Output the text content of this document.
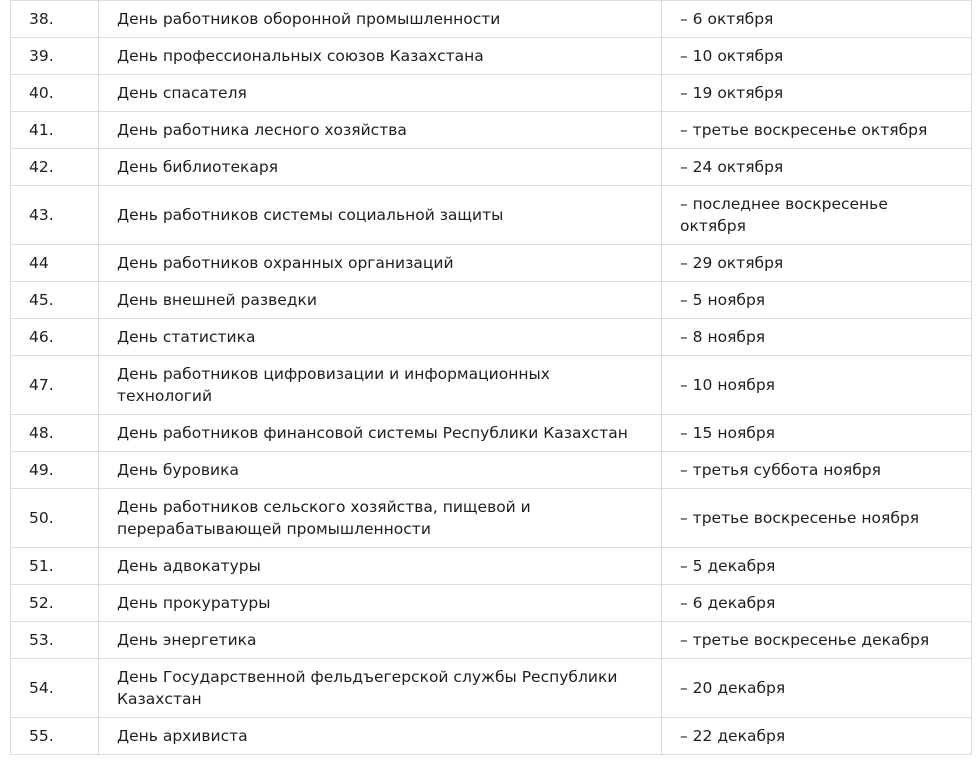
38.	День работников оборонной промышленности	– 6 октября
39.	День профессиональных союзов Казахстана	– 10 октября
40.	День спасателя	– 19 октября
41.	День работника лесного хозяйства	– третье воскресенье октября
42.	День библиотекаря	– 24 октября
43.	День работников системы социальной защиты	– последнее воскресенье октября
44	День работников охранных организаций	– 29 октября
45.	День внешней разведки	– 5 ноября
46.	День статистика	– 8 ноября
47.	День работников цифровизации и информационных технологий	– 10 ноября
48.	День работников финансовой системы Республики Казахстан	– 15 ноября
49.	День буровика	– третья суббота ноября
50.	День работников сельского хозяйства, пищевой и перерабатывающей промышленности	– третье воскресенье ноября
51.	День адвокатуры	– 5 декабря
52.	День прокуратуры	– 6 декабря
53.	День энергетика	– третье воскресенье декабря
54.	День Государственной фельдъегерской службы Республики Казахстан	– 20 декабря
55.	День архивиста	– 22 декабря
